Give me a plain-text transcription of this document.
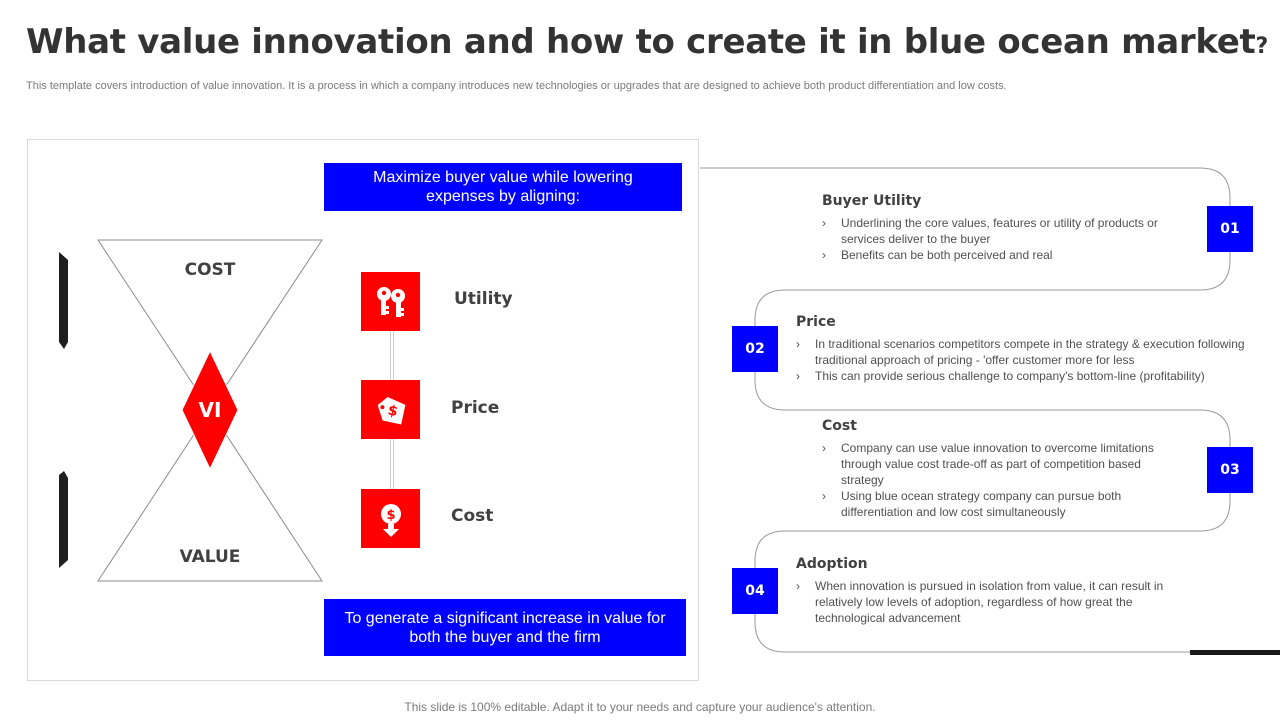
What value innovation and how to create it in blue ocean market?
This template covers introduction of value innovation. It is a process in which a company introduces new technologies or upgrades that are designed to achieve both product differentiation and low costs.
COST
VALUE
VI
Maximize buyer value while lowering expenses by aligning:
Utility
$	Price
$	Cost
To generate a significant increase in value for both the buyer and the firm
01
02
03
04
Buyer Utility
› Underlining the core values, features or utility of products or services deliver to the buyer
› Benefits can be both perceived and real
Price
› In traditional scenarios competitors compete in the strategy & execution following traditional approach of pricing - 'offer customer more for less
› This can provide serious challenge to company's bottom-line (profitability)
Cost
› Company can use value innovation to overcome limitations through value cost trade-off as part of competition based strategy
› Using blue ocean strategy company can pursue both differentiation and low cost simultaneously
Adoption
› When innovation is pursued in isolation from value, it can result in relatively low levels of adoption, regardless of how great the technological advancement
This slide is 100% editable. Adapt it to your needs and capture your audience's attention.
